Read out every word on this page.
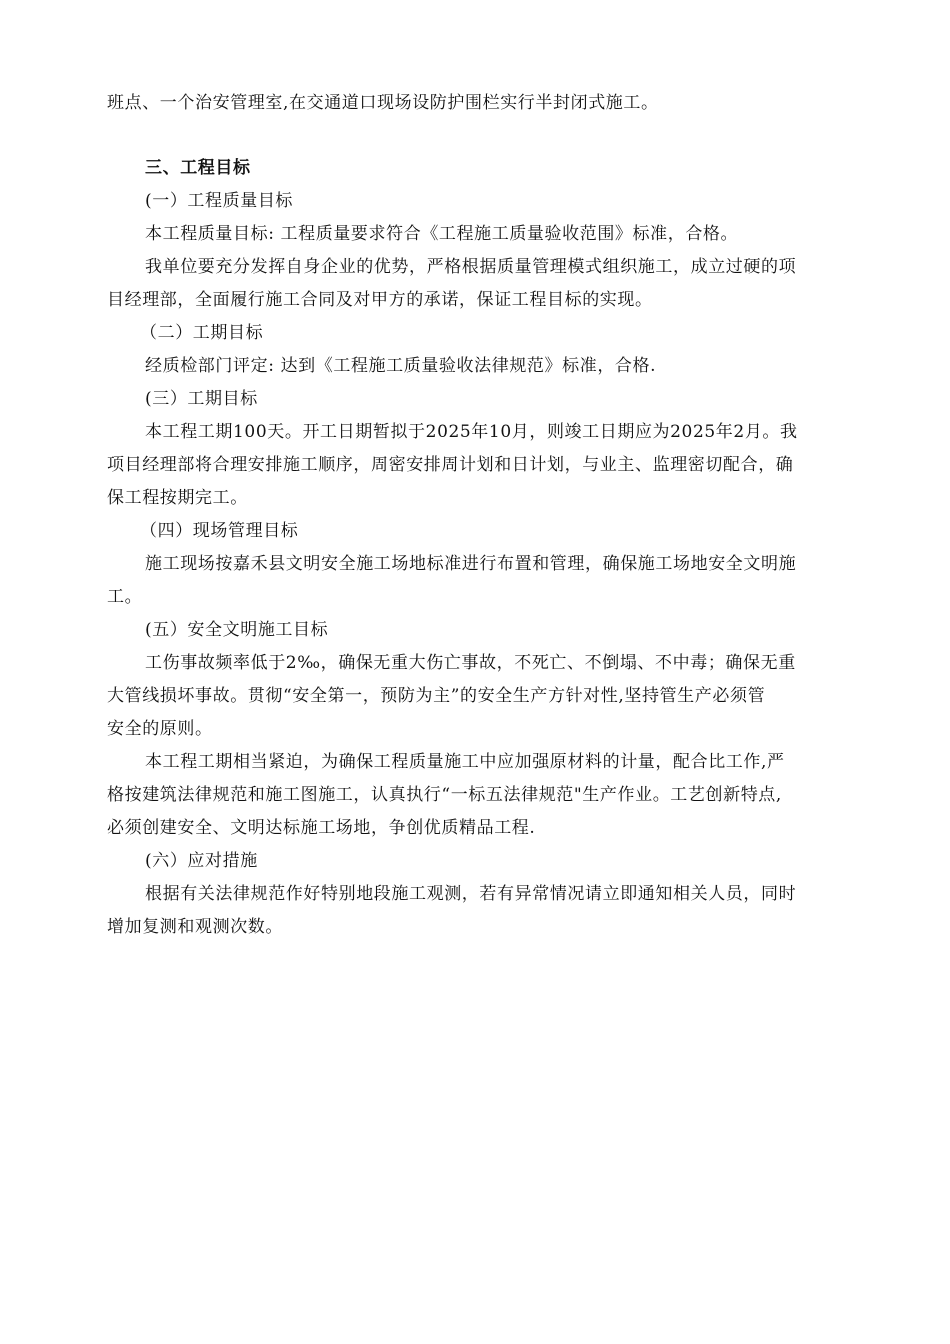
班点、一个治安管理室,在交通道口现场设防护围栏实行半封闭式施工。
三、工程目标
(一）工程质量目标
本工程质量目标: 工程质量要求符合《工程施工质量验收范围》标准，合格。
我单位要充分发挥自身企业的优势，严格根据质量管理模式组织施工，成立过硬的项
目经理部，全面履行施工合同及对甲方的承诺，保证工程目标的实现。
（二）工期目标
经质检部门评定: 达到《工程施工质量验收法律规范》标准，合格.
(三）工期目标
本工程工期100天。开工日期暂拟于2025年10月，则竣工日期应为2025年2月。我
项目经理部将合理安排施工顺序，周密安排周计划和日计划，与业主、监理密切配合，确
保工程按期完工。
（四）现场管理目标
施工现场按嘉禾县文明安全施工场地标准进行布置和管理，确保施工场地安全文明施
工。
(五）安全文明施工目标
工伤事故频率低于2‰，确保无重大伤亡事故，不死亡、不倒塌、不中毒；确保无重
大管线损坏事故。贯彻“安全第一，预防为主”的安全生产方针对性,坚持管生产必须管
安全的原则。
本工程工期相当紧迫，为确保工程质量施工中应加强原材料的计量，配合比工作,严
格按建筑法律规范和施工图施工，认真执行“一标五法律规范"生产作业。工艺创新特点,
必须创建安全、文明达标施工场地，争创优质精品工程.
(六）应对措施
根据有关法律规范作好特别地段施工观测，若有异常情况请立即通知相关人员，同时
增加复测和观测次数。
